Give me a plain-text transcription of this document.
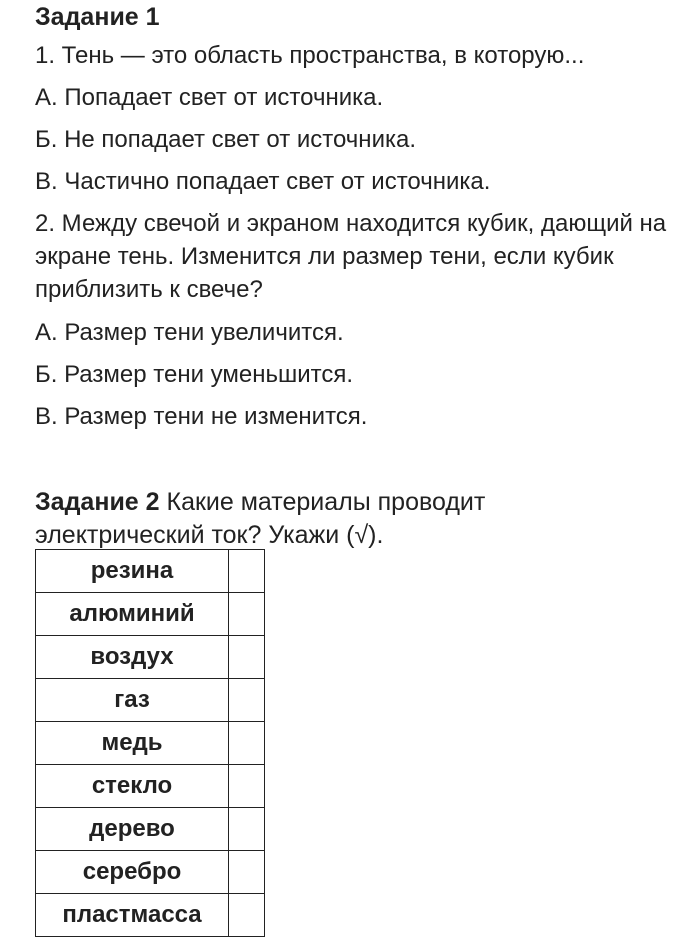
Задание 1
1. Тень — это область пространства, в которую...
А. Попадает свет от источника.
Б. Не попадает свет от источника.
В. Частично попадает свет от источника.
2. Между свечой и экраном находится кубик, дающий на экране тень. Изменится ли размер тени, если кубик приблизить к свече?
А. Размер тени увеличится.
Б. Размер тени уменьшится.
В. Размер тени не изменится.
Задание 2 Какие материалы проводит электрический ток? Укажи (√).
резина	
алюминий	
воздух	
газ	
медь	
стекло	
дерево	
серебро	
пластмасса	
